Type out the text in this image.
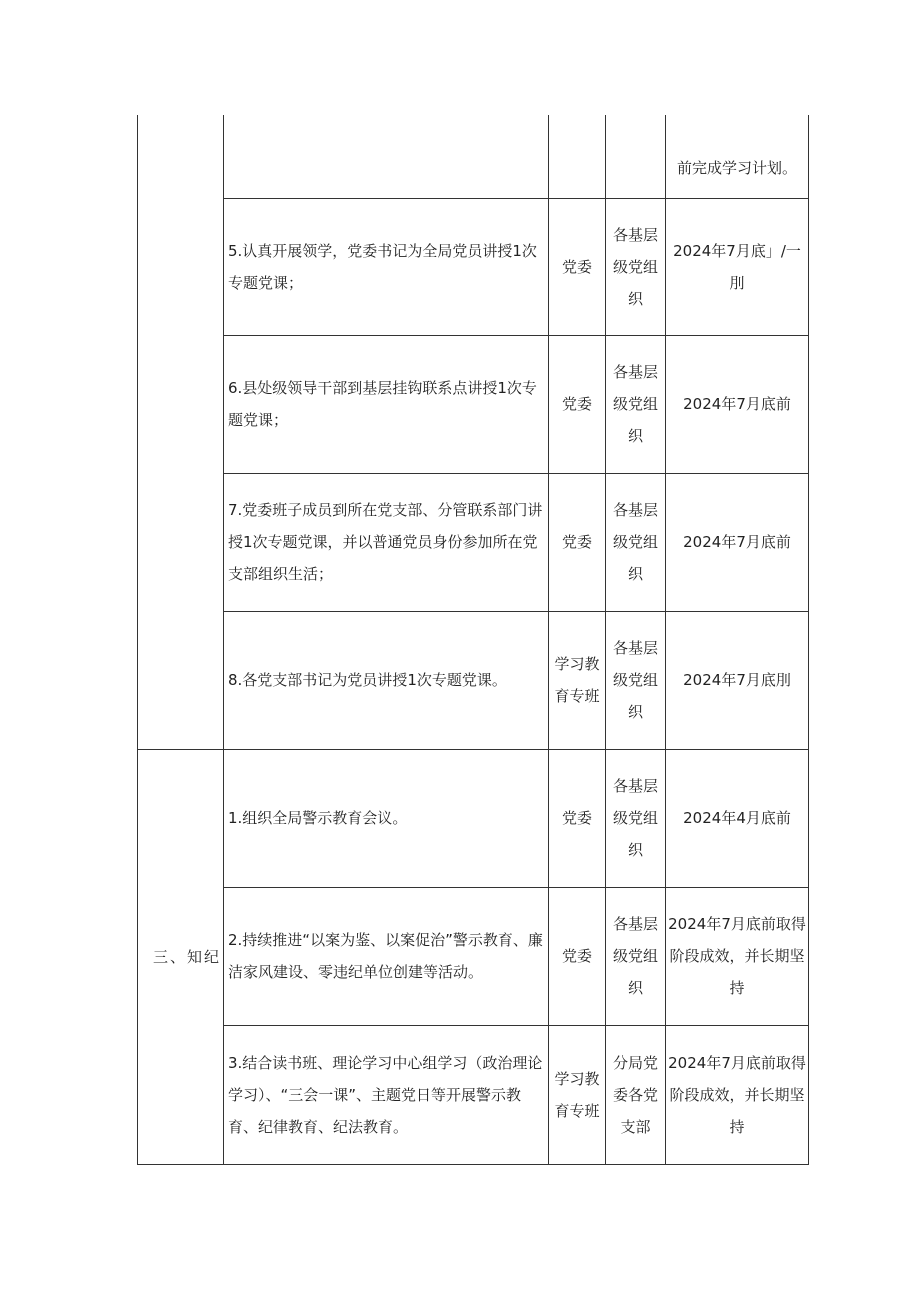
				前完成学习计划。
	5.认真开展领学，党委书记为全局党员讲授1次专题党课；	党委	各基层级党组织	2024年7月底」/一刖
	6.县处级领导干部到基层挂钩联系点讲授1次专题党课；	党委	各基层级党组织	2024年7月底前
	7.党委班子成员到所在党支部、分管联系部门讲授1次专题党课，并以普通党员身份参加所在党支部组织生活；	党委	各基层级党组织	2024年7月底前
	8.各党支部书记为党员讲授1次专题党课。	学习教育专班	各基层级党组织	2024年7月底刖

三、知纪	1.组织全局警示教育会议。	党委	各基层级党组织	2024年4月底前
	2.持续推进“以案为鉴、以案促治”警示教育、廉洁家风建设、零违纪单位创建等活动。	党委	各基层级党组织	2024年7月底前取得阶段成效，并长期坚持
	3.结合读书班、理论学习中心组学习（政治理论学习）、“三会一课”、主题党日等开展警示教育、纪律教育、纪法教育。	学习教育专班	分局党委各党支部	2024年7月底前取得阶段成效，并长期坚持
